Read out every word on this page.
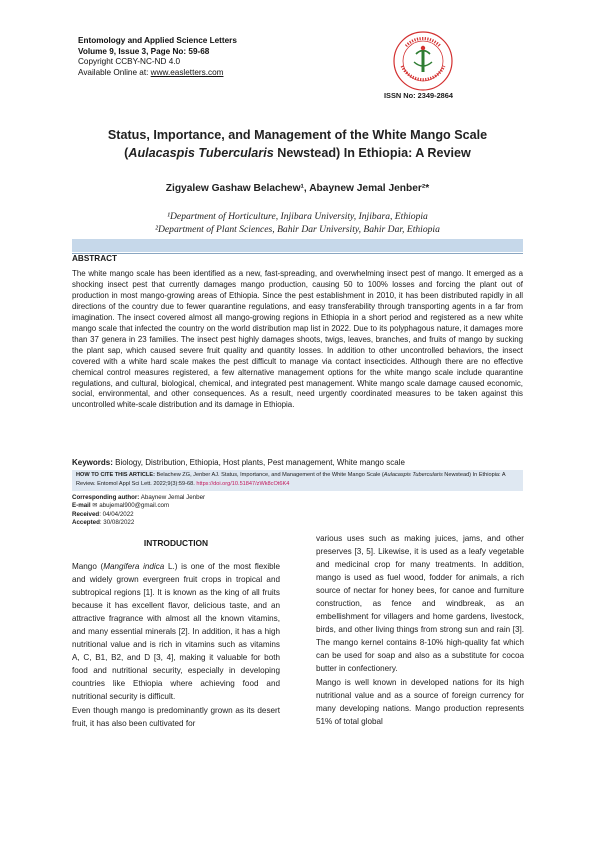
Entomology and Applied Science Letters
Volume 9, Issue 3, Page No: 59-68
Copyright CCBY-NC-ND 4.0
Available Online at: www.easletters.com
ISSN No: 2349-2864
Status, Importance, and Management of the White Mango Scale
(Aulacaspis Tubercularis Newstead) In Ethiopia: A Review
Zigyalew Gashaw Belachew¹, Abaynew Jemal Jenber²*
¹Department of Horticulture, Injibara University, Injibara, Ethiopia
²Department of Plant Sciences, Bahir Dar University, Bahir Dar, Ethiopia
ABSTRACT
The white mango scale has been identified as a new, fast-spreading, and overwhelming insect pest of mango. It emerged as a shocking insect pest that currently damages mango production, causing 50 to 100% losses and forcing the plant out of production in most mango-growing areas of Ethiopia. Since the pest establishment in 2010, it has been distributed rapidly in all directions of the country due to fewer quarantine regulations, and easy transferability through transporting agents in a far from imagination. The insect covered almost all mango-growing regions in Ethiopia in a short period and registered as a new white mango scale that infected the country on the world distribution map list in 2022. Due to its polyphagous nature, it damages more than 37 genera in 23 families. The insect pest highly damages shoots, twigs, leaves, branches, and fruits of mango by sucking the plant sap, which caused severe fruit quality and quantity losses. In addition to other uncontrolled behaviors, the insect covered with a white hard scale makes the pest difficult to manage via contact insecticides. Although there are no effective chemical control measures registered, a few alternative management options for the white mango scale include quarantine regulations, and cultural, biological, chemical, and integrated pest management. White mango scale damage caused economic, social, environmental, and other consequences. As a result, need urgently coordinated measures to be taken against this uncontrolled white-scale distribution and its damage in Ethiopia.
Keywords: Biology, Distribution, Ethiopia, Host plants, Pest management, White mango scale
HOW TO CITE THIS ARTICLE: Belachew ZG, Jenber AJ. Status, Importance, and Management of the White Mango Scale (Aulacaspis Tubercularis Newstead) In Ethiopia: A Review. Entomol Appl Sci Lett. 2022;9(3):59-68. https://doi.org/10.51847/zWk8cOt6K4
Corresponding author: Abaynew Jemal Jenber
E-mail ✉ abujemal900@gmail.com
Received: 04/04/2022
Accepted: 30/08/2022
INTRODUCTION

Mango (Mangifera indica L.) is one of the most flexible and widely grown evergreen fruit crops in tropical and subtropical regions [1]. It is known as the king of all fruits because it has excellent flavor, delicious taste, and an attractive fragrance with almost all the known vitamins, and many essential minerals [2]. In addition, it has a high nutritional value and is rich in vitamins such as vitamins A, C, B1, B2, and D [3, 4], making it valuable for both food and nutritional security, especially in developing countries like Ethiopia where achieving food and nutritional security is difficult.

Even though mango is predominantly grown as its desert fruit, it has also been cultivated for

various uses such as making juices, jams, and other preserves [3, 5]. Likewise, it is used as a leafy vegetable and medicinal crop for many treatments. In addition, mango is used as fuel wood, fodder for animals, a rich source of nectar for honey bees, for canoe and furniture construction, as fence and windbreak, as an embellishment for villagers and home gardens, livestock, birds, and other living things from strong sun and rain [3]. The mango kernel contains 8-10% high-quality fat which can be used for soap and also as a substitute for cocoa butter in confectionery.

Mango is well known in developed nations for its high nutritional value and as a source of foreign currency for many developing nations. Mango production represents 51% of total global
